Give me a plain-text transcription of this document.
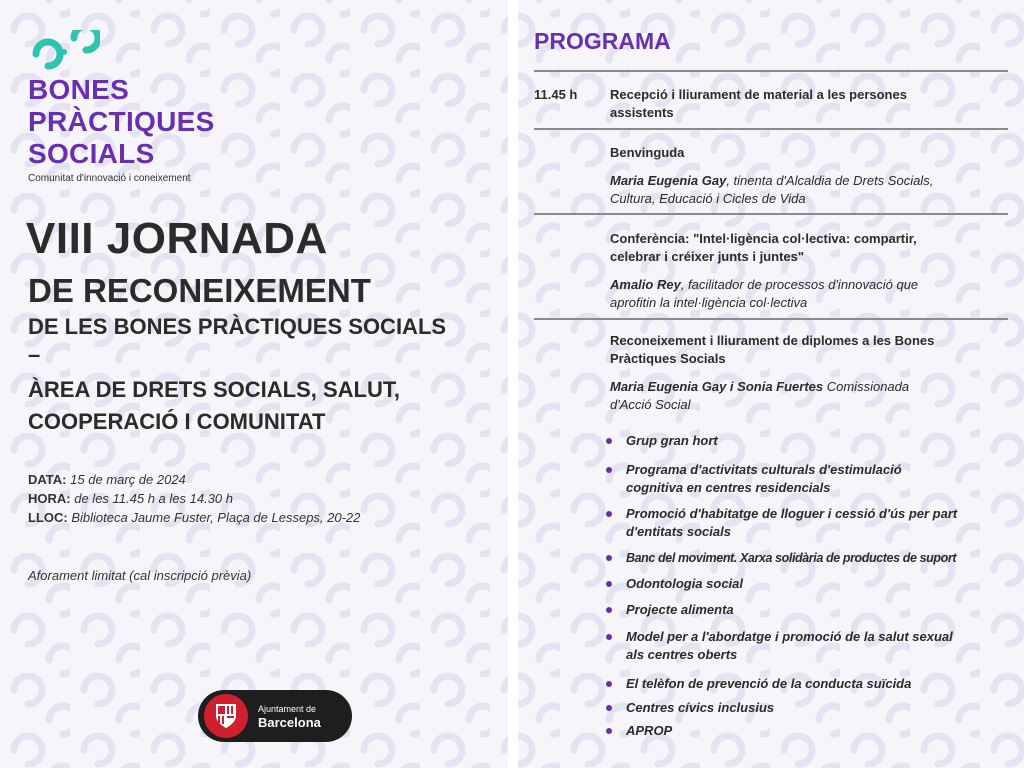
BONES
PRÀCTIQUES
SOCIALS
Comunitat d'innovació i coneixement
VIII JORNADA
DE RECONEIXEMENT
DE LES BONES PRÀCTIQUES SOCIALS
–
ÀREA DE DRETS SOCIALS, SALUT,
COOPERACIÓ I COMUNITAT
DATA: 15 de març de 2024
HORA: de les 11.45 h a les 14.30 h
LLOC: Biblioteca Jaume Fuster, Plaça de Lesseps, 20-22
Aforament limitat (cal inscripció prèvia)
Ajuntament de
Barcelona
PROGRAMA
11.45 h	Recepció i lliurament de material a les persones
assistents
Benvinguda
Maria Eugenia Gay, tinenta d'Alcaldia de Drets Socials,
Cultura, Educació i Cicles de Vida
Conferència: "Intel·ligència col·lectiva: compartir,
celebrar i créixer junts i juntes"
Amalio Rey, facilitador de processos d'innovació que
aprofitin la intel·ligència col·lectiva
Reconeixement i lliurament de diplomes a les Bones
Pràctiques Socials
Maria Eugenia Gay i Sonia Fuertes Comissionada
d'Acció Social
Grup gran hort
Programa d'activitats culturals d'estimulació
cognitiva en centres residencials
Promoció d'habitatge de lloguer i cessió d'ús per part
d'entitats socials
Banc del moviment. Xarxa solidària de productes de suport
Odontologia social
Projecte alimenta
Model per a l'abordatge i promoció de la salut sexual
als centres oberts
El telèfon de prevenció de la conducta suïcida
Centres cívics inclusius
APROP
